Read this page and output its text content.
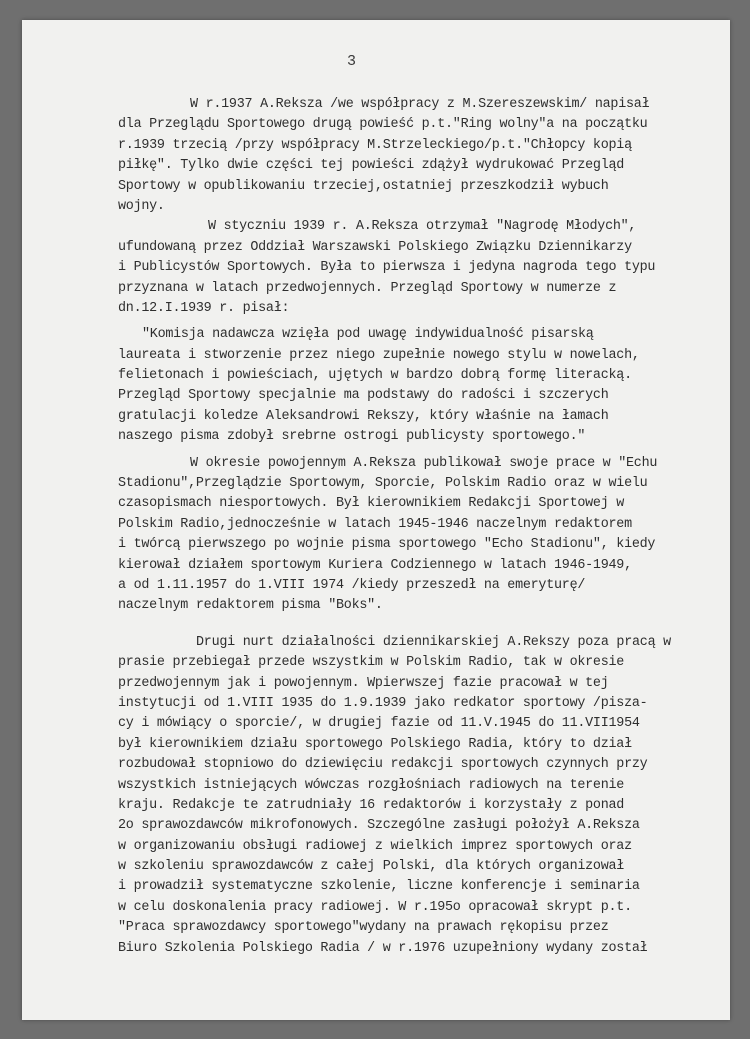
3
W r.1937 A.Reksza /we współpracy z M.Szereszewskim/ napisał
dla Przeglądu Sportowego drugą powieść p.t."Ring wolny"a na początku
r.1939 trzecią /przy współpracy M.Strzeleckiego/p.t."Chłopcy kopią
piłkę". Tylko dwie części tej powieści zdążył wydrukować Przegląd
Sportowy w opublikowaniu trzeciej,ostatniej przeszkodził wybuch
wojny.
W styczniu 1939 r. A.Reksza otrzymał "Nagrodę Młodych",
ufundowaną przez Oddział Warszawski Polskiego Związku Dziennikarzy
i Publicystów Sportowych. Była to pierwsza i jedyna nagroda tego typu
przyznana w latach przedwojennych. Przegląd Sportowy w numerze z
dn.12.I.1939 r. pisał:
"Komisja nadawcza wzięła pod uwagę indywidualność pisarską
laureata i stworzenie przez niego zupełnie nowego stylu w nowelach,
felietonach i powieściach, ujętych w bardzo dobrą formę literacką.
Przegląd Sportowy specjalnie ma podstawy do radości i szczerych
gratulacji koledze Aleksandrowi Rekszy, który właśnie na łamach
naszego pisma zdobył srebrne ostrogi publicysty sportowego."
W okresie powojennym A.Reksza publikował swoje prace w "Echu
Stadionu",Przeglądzie Sportowym, Sporcie, Polskim Radio oraz w wielu
czasopismach niesportowych. Był kierownikiem Redakcji Sportowej w
Polskim Radio,jednocześnie w latach 1945-1946 naczelnym redaktorem
i twórcą pierwszego po wojnie pisma sportowego "Echo Stadionu", kiedy
kierował działem sportowym Kuriera Codziennego w latach 1946-1949,
a od 1.11.1957 do 1.VIII 1974 /kiedy przeszedł na emeryturę/
naczelnym redaktorem pisma "Boks".
Drugi nurt działalności dziennikarskiej A.Rekszy poza pracą w
prasie przebiegał przede wszystkim w Polskim Radio, tak w okresie
przedwojennym jak i powojennym. Wpierwszej fazie pracował w tej
instytucji od 1.VIII 1935 do 1.9.1939 jako redkator sportowy /pisza-
cy i mówiący o sporcie/, w drugiej fazie od 11.V.1945 do 11.VII1954
był kierownikiem działu sportowego Polskiego Radia, który to dział
rozbudował stopniowo do dziewięciu redakcji sportowych czynnych przy
wszystkich istniejących wówczas rozgłośniach radiowych na terenie
kraju. Redakcje te zatrudniały 16 redaktorów i korzystały z ponad
2o sprawozdawców mikrofonowych. Szczególne zasługi położył A.Reksza
w organizowaniu obsługi radiowej z wielkich imprez sportowych oraz
w szkoleniu sprawozdawców z całej Polski, dla których organizował
i prowadził systematyczne szkolenie, liczne konferencje i seminaria
w celu doskonalenia pracy radiowej. W r.195o opracował skrypt p.t.
"Praca sprawozdawcy sportowego"wydany na prawach rękopisu przez
Biuro Szkolenia Polskiego Radia / w r.1976 uzupełniony wydany został
